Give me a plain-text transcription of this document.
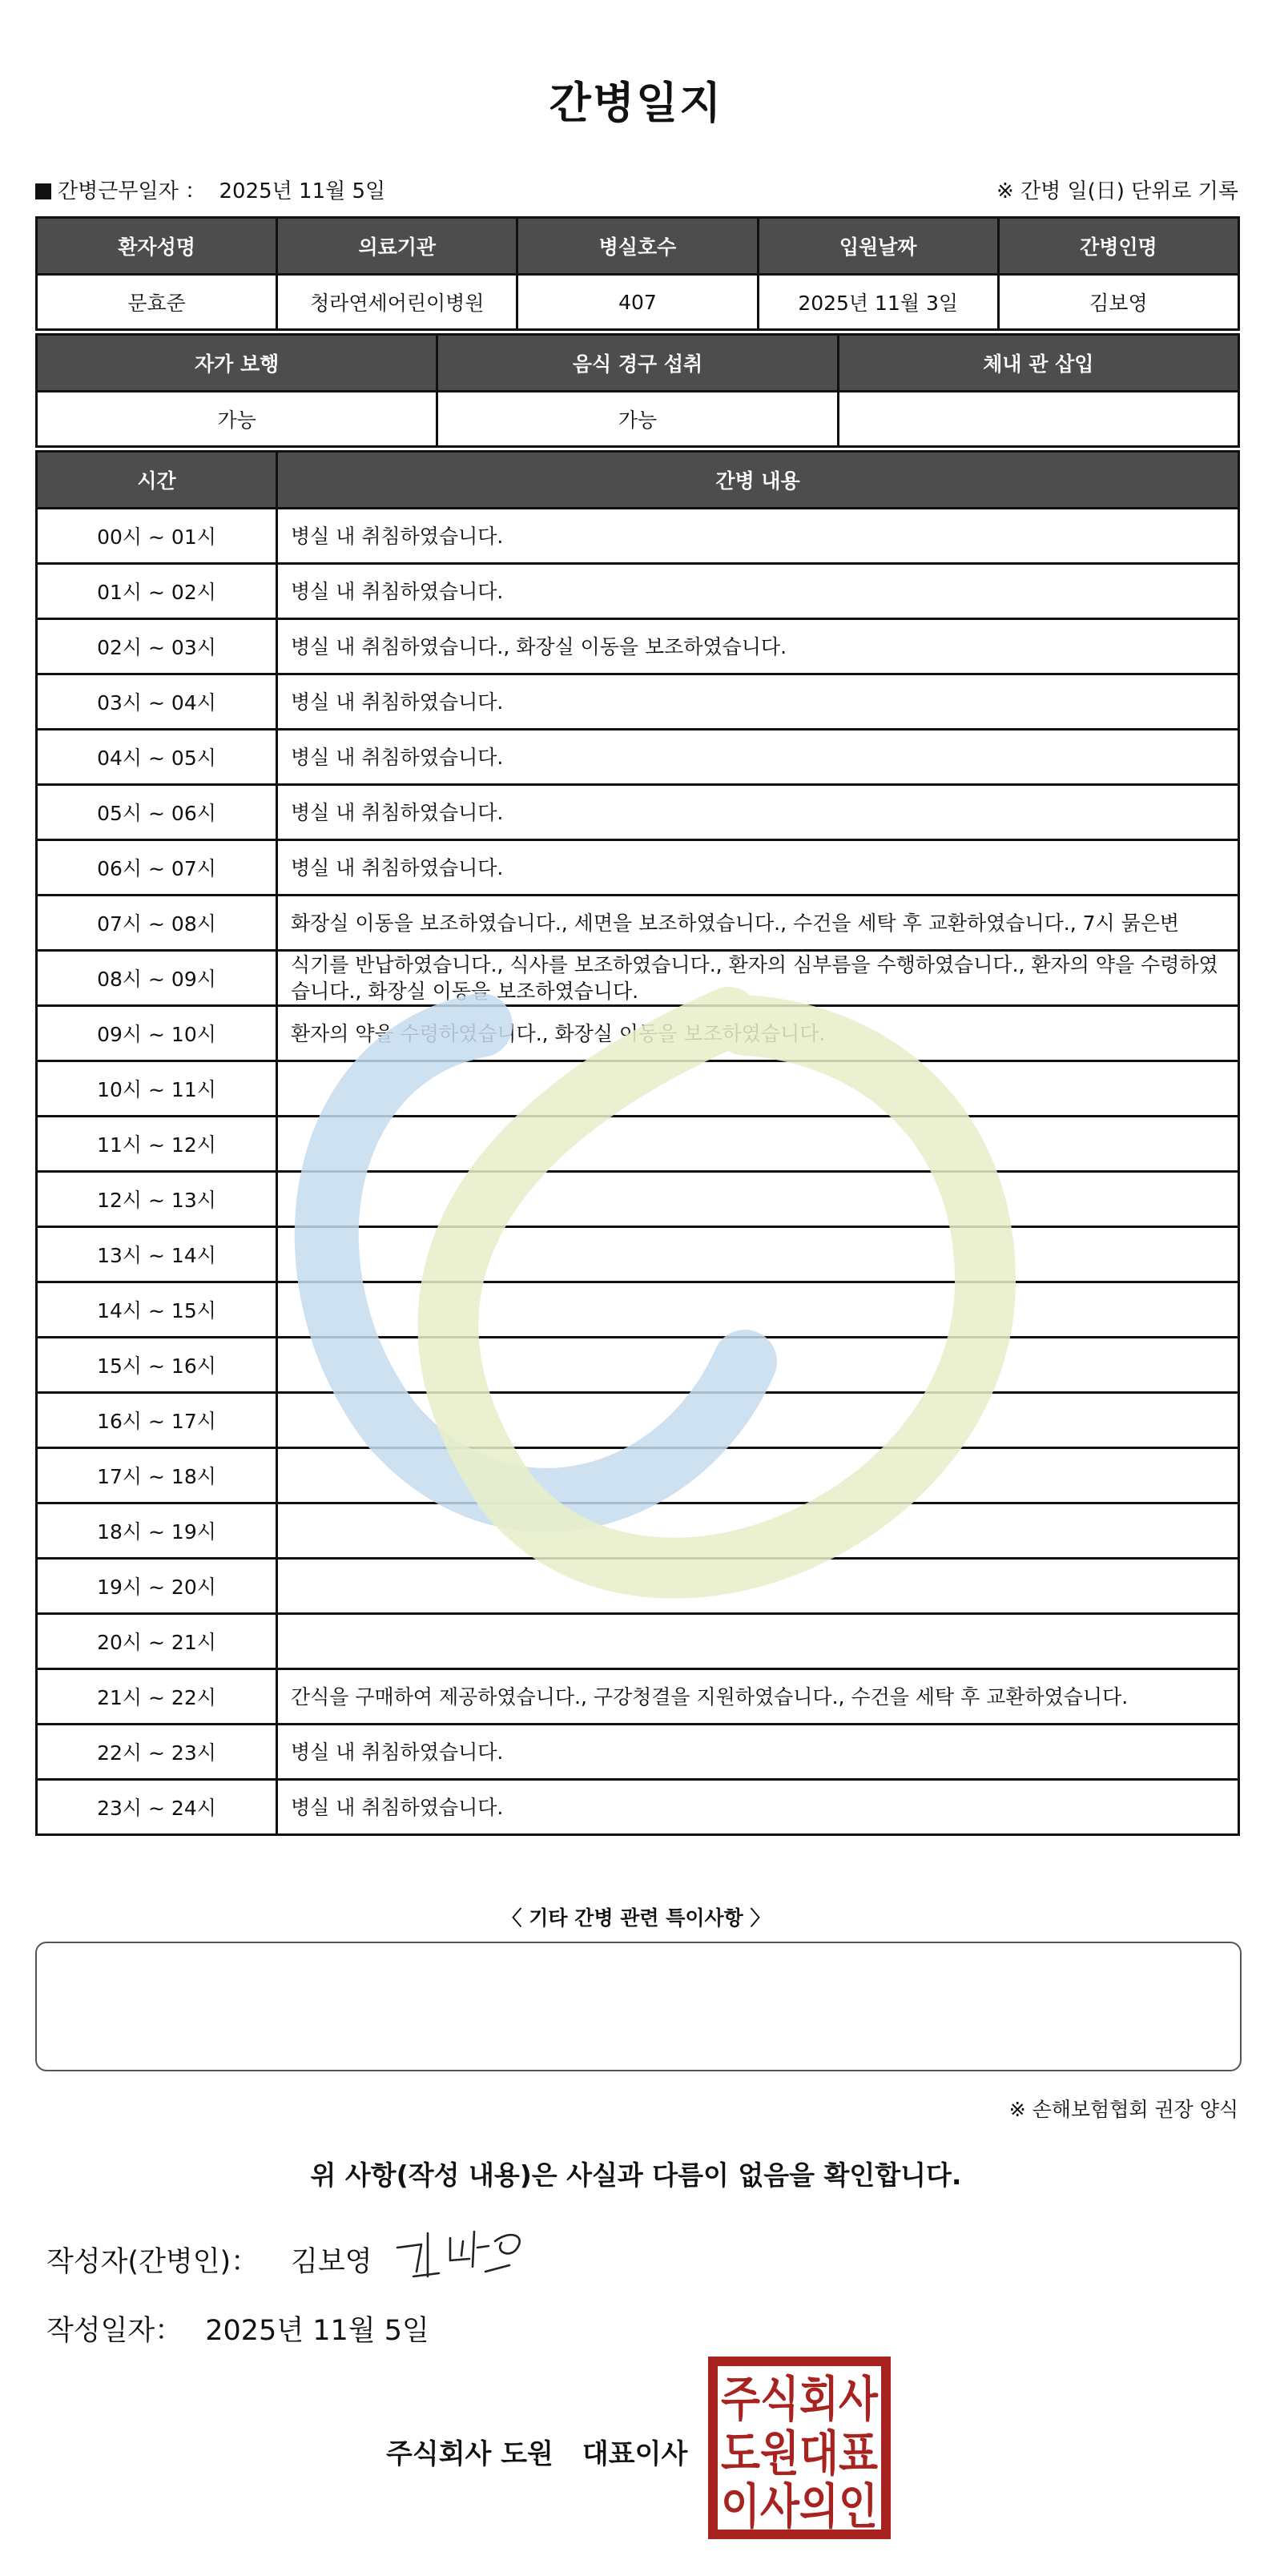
간병일지
간병근무일자 ： 2025년 11월 5일	※ 간병 일(日) 단위로 기록
환자성명	의료기관	병실호수	입원날짜	간병인명
문효준	청라연세어린이병원	407	2025년 11월 3일	김보영
자가 보행	음식 경구 섭취	체내 관 삽입
가능	가능	
시간	간병 내용
00시 ~ 01시	병실 내 취침하였습니다.
01시 ~ 02시	병실 내 취침하였습니다.
02시 ~ 03시	병실 내 취침하였습니다., 화장실 이동을 보조하였습니다.
03시 ~ 04시	병실 내 취침하였습니다.
04시 ~ 05시	병실 내 취침하였습니다.
05시 ~ 06시	병실 내 취침하였습니다.
06시 ~ 07시	병실 내 취침하였습니다.
07시 ~ 08시	화장실 이동을 보조하였습니다., 세면을 보조하였습니다., 수건을 세탁 후 교환하였습니다., 7시 묽은변
08시 ~ 09시	식기를 반납하였습니다., 식사를 보조하였습니다., 환자의 심부름을 수행하였습니다., 환자의 약을 수령하였습니다., 화장실 이동을 보조하였습니다.
09시 ~ 10시	환자의 약을 수령하였습니다., 화장실 이동을 보조하였습니다.
10시 ~ 11시	
11시 ~ 12시	
12시 ~ 13시	
13시 ~ 14시	
14시 ~ 15시	
15시 ~ 16시	
16시 ~ 17시	
17시 ~ 18시	
18시 ~ 19시	
19시 ~ 20시	
20시 ~ 21시	
21시 ~ 22시	간식을 구매하여 제공하였습니다., 구강청결을 지원하였습니다., 수건을 세탁 후 교환하였습니다.
22시 ~ 23시	병실 내 취침하였습니다.
23시 ~ 24시	병실 내 취침하였습니다.
〈 기타 간병 관련 특이사항 〉
※ 손해보험협회 권장 양식
위 사항(작성 내용)은 사실과 다름이 없음을 확인합니다.
작성자(간병인)： 김보영
작성일자： 2025년 11월 5일
주식회사 도원 대표이사
주식회사
도원대표
이사의인
